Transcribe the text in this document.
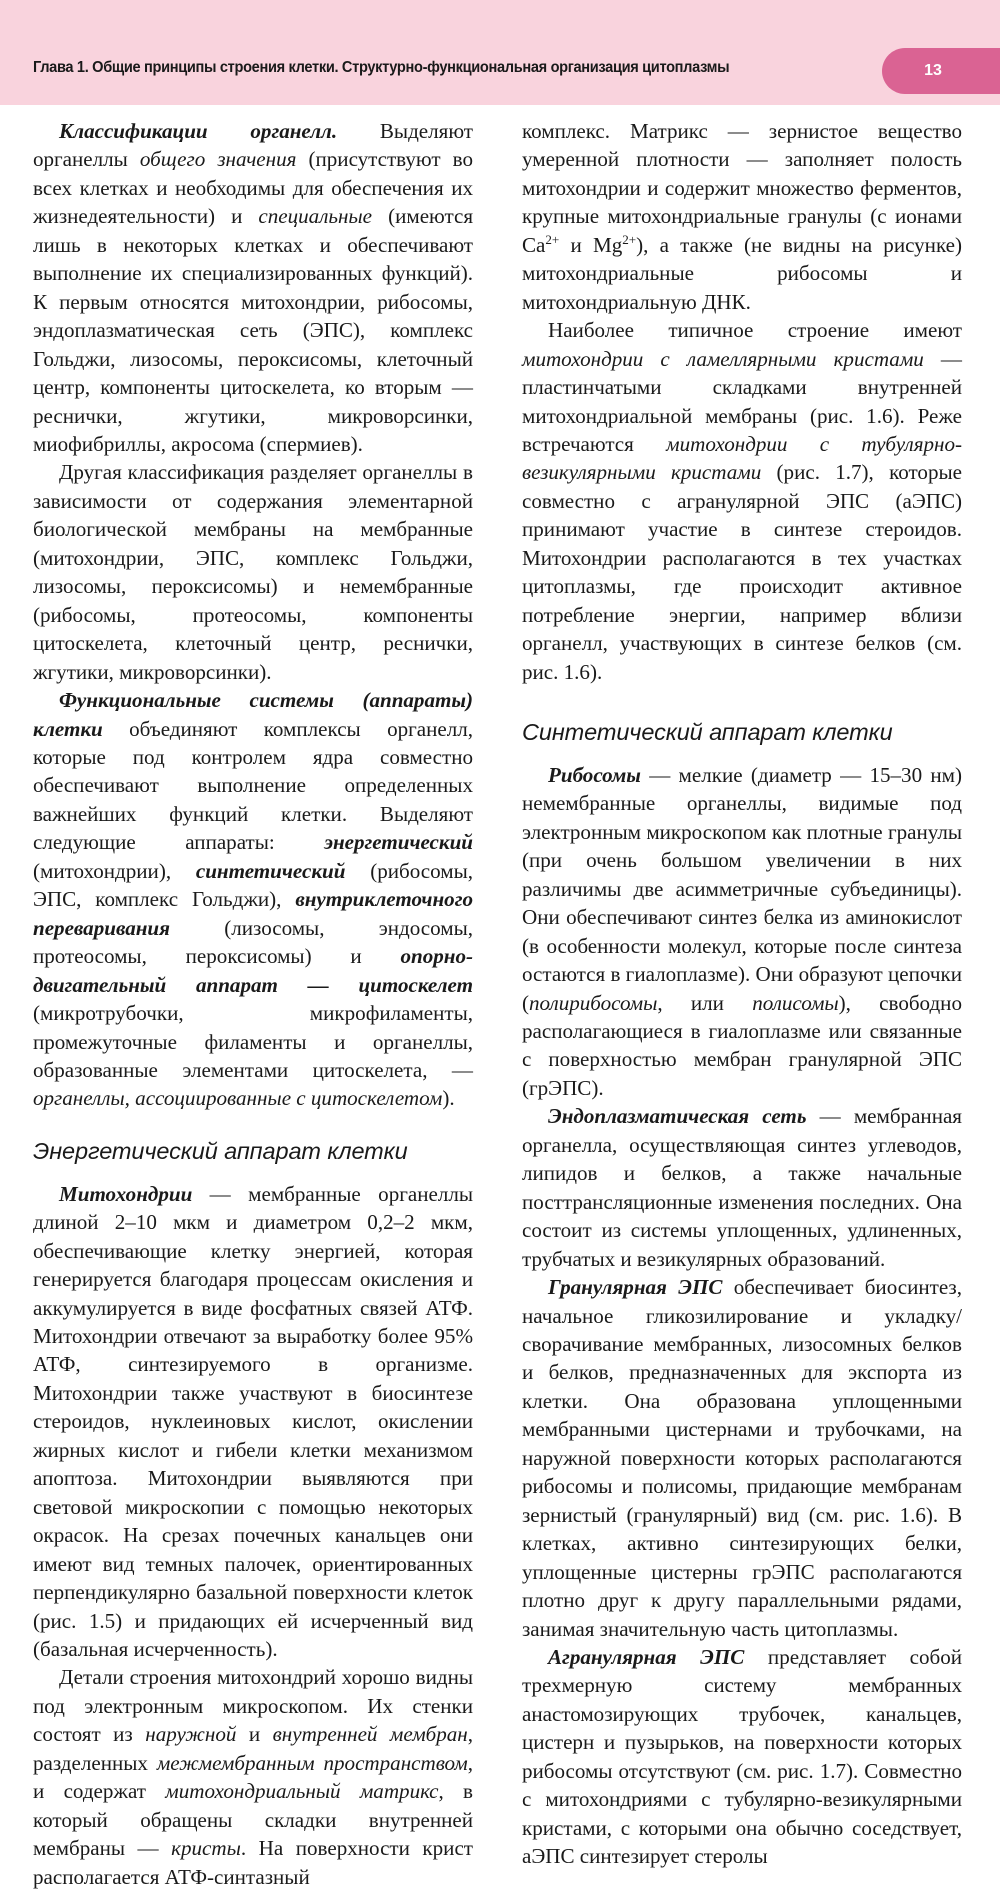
Глава 1. Общие принципы строения клетки. Структурно-функциональная организация цитоплазмы	13

Классификации органелл. Выделяют органеллы общего значения (присутствуют во всех клетках и необходимы для обеспечения их жизнедеятельности) и специальные (имеются лишь в некоторых клетках и обеспечивают выполнение их специализированных функций). К первым относятся митохондрии, рибосомы, эндоплазматическая сеть (ЭПС), комплекс Гольджи, лизосомы, пероксисомы, клеточный центр, компоненты цитоскелета, ко вторым — реснички, жгутики, микроворсинки, миофибриллы, акросома (спермиев).

Другая классификация разделяет органеллы в зависимости от содержания элементарной биологической мембраны на мембранные (митохондрии, ЭПС, комплекс Гольджи, лизосомы, пероксисомы) и немембранные (рибосомы, протеосомы, компоненты цитоскелета, клеточный центр, реснички, жгутики, микроворсинки).

Функциональные системы (аппараты) клетки объединяют комплексы органелл, которые под контролем ядра совместно обеспечивают выполнение определенных важнейших функций клетки. Выделяют следующие аппараты: энергетический (митохондрии), синтетический (рибосомы, ЭПС, комплекс Гольджи), внутриклеточного переваривания (лизосомы, эндосомы, протеосомы, пероксисомы) и опорно-двигательный аппарат — цитоскелет (микротрубочки, микрофиламенты, промежуточные филаменты и органеллы, образованные элементами цитоскелета, — органеллы, ассоциированные с цитоскелетом).

Энергетический аппарат клетки

Митохондрии — мембранные органеллы длиной 2–10 мкм и диаметром 0,2–2 мкм, обеспечивающие клетку энергией, которая генерируется благодаря процессам окисления и аккумулируется в виде фосфатных связей АТФ. Митохондрии отвечают за выработку более 95% АТФ, синтезируемого в организме. Митохондрии также участвуют в биосинтезе стероидов, нуклеиновых кислот, окислении жирных кислот и гибели клетки механизмом апоптоза. Митохондрии выявляются при световой микроскопии с помощью некоторых окрасок. На срезах почечных канальцев они имеют вид темных палочек, ориентированных перпендикулярно базальной поверхности клеток (рис. 1.5) и придающих ей исчерченный вид (базальная исчерченность).

Детали строения митохондрий хорошо видны под электронным микроскопом. Их стенки состоят из наружной и внутренней мембран, разделенных межмембранным пространством, и содержат митохондриальный матрикс, в который обращены складки внутренней мембраны — кристы. На поверхности крист располагается АТФ-синтазный

комплекс. Матрикс — зернистое вещество умеренной плотности — заполняет полость митохондрии и содержит множество ферментов, крупные митохондриальные гранулы (с ионами $Ca^{2+}$ и $Mg^{2+}$), а также (не видны на рисунке) митохондриальные рибосомы и митохондриальную ДНК.

Наиболее типичное строение имеют митохондрии с ламеллярными кристами — пластинчатыми складками внутренней митохондриальной мембраны (рис. 1.6). Реже встречаются митохондрии с тубулярно-везикулярными кристами (рис. 1.7), которые совместно с агранулярной ЭПС (аЭПС) принимают участие в синтезе стероидов. Митохондрии располагаются в тех участках цитоплазмы, где происходит активное потребление энергии, например вблизи органелл, участвующих в синтезе белков (см. рис. 1.6).

Синтетический аппарат клетки

Рибосомы — мелкие (диаметр — 15–30 нм) немембранные органеллы, видимые под электронным микроскопом как плотные гранулы (при очень большом увеличении в них различимы две асимметричные субъединицы). Они обеспечивают синтез белка из аминокислот (в особенности молекул, которые после синтеза остаются в гиалоплазме). Они образуют цепочки (полирибосомы, или полисомы), свободно располагающиеся в гиалоплазме или связанные с поверхностью мембран гранулярной ЭПС (грЭПС).

Эндоплазматическая сеть — мембранная органелла, осуществляющая синтез углеводов, липидов и белков, а также начальные посттрансляционные изменения последних. Она состоит из системы уплощенных, удлиненных, трубчатых и везикулярных образований.

Гранулярная ЭПС обеспечивает биосинтез, начальное гликозилирование и укладку/сворачивание мембранных, лизосомных белков и белков, предназначенных для экспорта из клетки. Она образована уплощенными мембранными цистернами и трубочками, на наружной поверхности которых располагаются рибосомы и полисомы, придающие мембранам зернистый (гранулярный) вид (см. рис. 1.6). В клетках, активно синтезирующих белки, уплощенные цистерны грЭПС располагаются плотно друг к другу параллельными рядами, занимая значительную часть цитоплазмы.

Агранулярная ЭПС представляет собой трехмерную систему мембранных анастомозирующих трубочек, канальцев, цистерн и пузырьков, на поверхности которых рибосомы отсутствуют (см. рис. 1.7). Совместно с митохондриями с тубулярно-везикулярными кристами, с которыми она обычно соседствует, аЭПС синтезирует стеролы
